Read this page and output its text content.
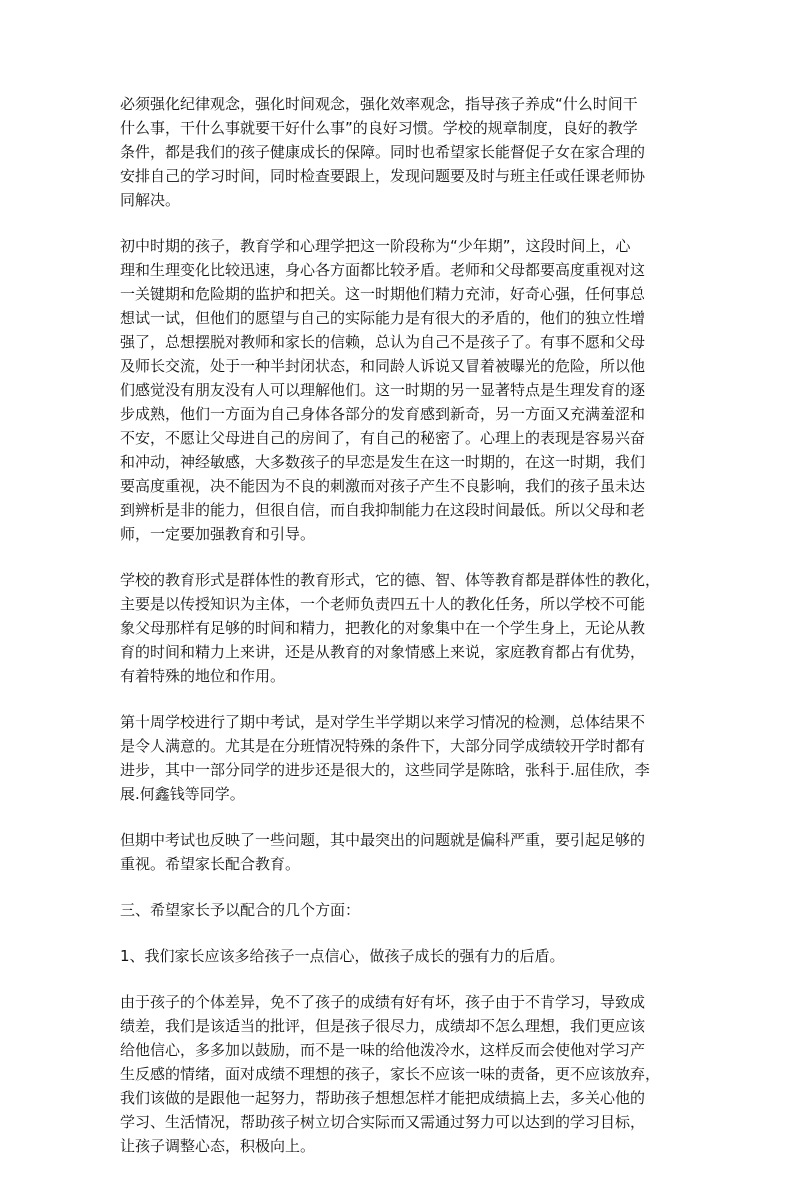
必须强化纪律观念，强化时间观念，强化效率观念，指导孩子养成“什么时间干
什么事，干什么事就要干好什么事”的良好习惯。学校的规章制度，良好的教学
条件，都是我们的孩子健康成长的保障。同时也希望家长能督促子女在家合理的
安排自己的学习时间，同时检查要跟上，发现问题要及时与班主任或任课老师协
同解决。
初中时期的孩子，教育学和心理学把这一阶段称为“少年期”，这段时间上，心
理和生理变化比较迅速，身心各方面都比较矛盾。老师和父母都要高度重视对这
一关键期和危险期的监护和把关。这一时期他们精力充沛，好奇心强，任何事总
想试一试，但他们的愿望与自己的实际能力是有很大的矛盾的，他们的独立性增
强了，总想摆脱对教师和家长的信赖，总认为自己不是孩子了。有事不愿和父母
及师长交流，处于一种半封闭状态，和同龄人诉说又冒着被曝光的危险，所以他
们感觉没有朋友没有人可以理解他们。这一时期的另一显著特点是生理发育的逐
步成熟，他们一方面为自己身体各部分的发育感到新奇，另一方面又充满羞涩和
不安，不愿让父母进自己的房间了，有自己的秘密了。心理上的表现是容易兴奋
和冲动，神经敏感，大多数孩子的早恋是发生在这一时期的，在这一时期，我们
要高度重视，决不能因为不良的刺激而对孩子产生不良影响，我们的孩子虽未达
到辨析是非的能力，但很自信，而自我抑制能力在这段时间最低。所以父母和老
师，一定要加强教育和引导。
学校的教育形式是群体性的教育形式，它的德、智、体等教育都是群体性的教化，
主要是以传授知识为主体，一个老师负责四五十人的教化任务，所以学校不可能
象父母那样有足够的时间和精力，把教化的对象集中在一个学生身上，无论从教
育的时间和精力上来讲，还是从教育的对象情感上来说，家庭教育都占有优势，
有着特殊的地位和作用。
第十周学校进行了期中考试，是对学生半学期以来学习情况的检测，总体结果不
是令人满意的。尤其是在分班情况特殊的条件下，大部分同学成绩较开学时都有
进步，其中一部分同学的进步还是很大的，这些同学是陈晗，张科于.屈佳欣，李
展.何鑫钱等同学。
但期中考试也反映了一些问题，其中最突出的问题就是偏科严重，要引起足够的
重视。希望家长配合教育。
三、希望家长予以配合的几个方面：
1、我们家长应该多给孩子一点信心，做孩子成长的强有力的后盾。
由于孩子的个体差异，免不了孩子的成绩有好有坏，孩子由于不肯学习，导致成
绩差，我们是该适当的批评，但是孩子很尽力，成绩却不怎么理想，我们更应该
给他信心，多多加以鼓励，而不是一味的给他泼冷水，这样反而会使他对学习产
生反感的情绪，面对成绩不理想的孩子，家长不应该一味的责备，更不应该放弃，
我们该做的是跟他一起努力，帮助孩子想想怎样才能把成绩搞上去，多关心他的
学习、生活情况，帮助孩子树立切合实际而又需通过努力可以达到的学习目标，
让孩子调整心态，积极向上。
